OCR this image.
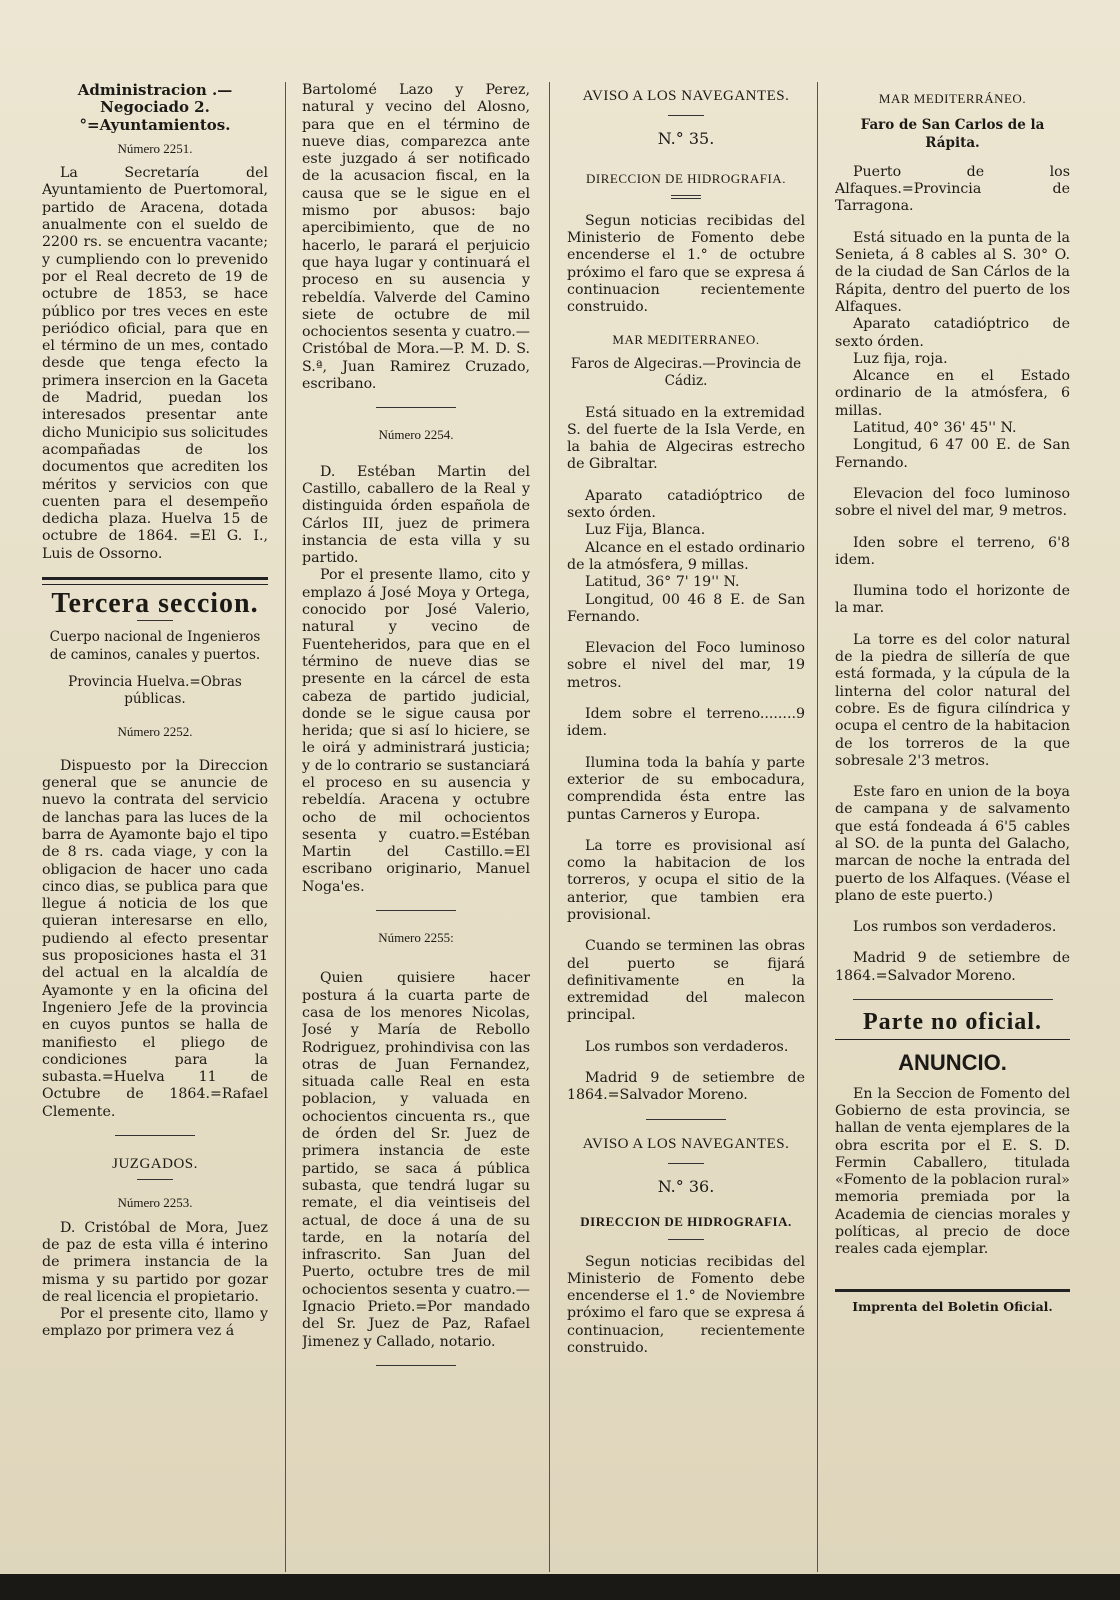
Administracion .—Negociado 2.°=Ayuntamientos.

Número 2251.

La Secretaría del Ayuntamiento de Puertomoral, partido de Aracena, dotada anualmente con el sueldo de 2200 rs. se encuentra vacante; y cumpliendo con lo prevenido por el Real decreto de 19 de octubre de 1853, se hace público por tres veces en este periódico oficial, para que en el término de un mes, contado desde que tenga efecto la primera insercion en la Gaceta de Madrid, puedan los interesados presentar ante dicho Municipio sus solicitudes acompañadas de los documentos que acrediten los méritos y servicios con que cuenten para el desempeño dedicha plaza. Huelva 15 de octubre de 1864. =El G. I., Luis de Ossorno.

Tercera seccion.

Cuerpo nacional de Ingenieros de caminos, canales y puertos.

Provincia Huelva.=Obras públicas.

Número 2252.

Dispuesto por la Direccion general que se anuncie de nuevo la contrata del servicio de lanchas para las luces de la barra de Ayamonte bajo el tipo de 8 rs. cada viage, y con la obligacion de hacer uno cada cinco dias, se publica para que llegue á noticia de los que quieran interesarse en ello, pudiendo al efecto presentar sus proposiciones hasta el 31 del actual en la alcaldía de Ayamonte y en la oficina del Ingeniero Jefe de la provincia en cuyos puntos se halla de manifiesto el pliego de condiciones para la subasta.=Huelva 11 de Octubre de 1864.=Rafael Clemente.

JUZGADOS.
Número 2253.

D. Cristóbal de Mora, Juez de paz de esta villa é interino de primera instancia de la misma y su partido por gozar de real licencia el propietario.

Por el presente cito, llamo y emplazo por primera vez á

Bartolomé Lazo y Perez, natural y vecino del Alosno, para que en el término de nueve dias, comparezca ante este juzgado á ser notificado de la acusacion fiscal, en la causa que se le sigue en el mismo por abusos: bajo apercibimiento, que de no hacerlo, le parará el perjuicio que haya lugar y continuará el proceso en su ausencia y rebeldía. Valverde del Camino siete de octubre de mil ochocientos sesenta y cuatro.—Cristóbal de Mora.—P. M. D. S. S.ª, Juan Ramirez Cruzado, escribano.

Número 2254.

D. Estéban Martin del Castillo, caballero de la Real y distinguida órden española de Cárlos III, juez de primera instancia de esta villa y su partido.

Por el presente llamo, cito y emplazo á José Moya y Ortega, conocido por José Valerio, natural y vecino de Fuenteheridos, para que en el término de nueve dias se presente en la cárcel de esta cabeza de partido judicial, donde se le sigue causa por herida; que si así lo hiciere, se le oirá y administrará justicia; y de lo contrario se sustanciará el proceso en su ausencia y rebeldía. Aracena y octubre ocho de mil ochocientos sesenta y cuatro.=Estéban Martin del Castillo.=El escribano originario, Manuel Noga'es.

Número 2255:

Quien quisiere hacer postura á la cuarta parte de casa de los menores Nicolas, José y María de Rebollo Rodriguez, prohindivisa con las otras de Juan Fernandez, situada calle Real en esta poblacion, y valuada en ochocientos cincuenta rs., que de órden del Sr. Juez de primera instancia de este partido, se saca á pública subasta, que tendrá lugar su remate, el dia veintiseis del actual, de doce á una de su tarde, en la notaría del infrascrito. San Juan del Puerto, octubre tres de mil ochocientos sesenta y cuatro.—Ignacio Prieto.=Por mandado del Sr. Juez de Paz, Rafael Jimenez y Callado, notario.

AVISO A LOS NAVEGANTES.
N.° 35.
DIRECCION DE HIDROGRAFIA.

Segun noticias recibidas del Ministerio de Fomento debe encenderse el 1.° de octubre próximo el faro que se expresa á continuacion recientemente construido.

MAR MEDITERRANEO.

Faros de Algeciras.—Provincia de Cádiz.

Está situado en la extremidad S. del fuerte de la Isla Verde, en la bahia de Algeciras estrecho de Gibraltar.

Aparato catadióptrico de sexto órden.

Luz Fija, Blanca.

Alcance en el estado ordinario de la atmósfera, 9 millas.

Latitud, 36° 7' 19'' N.

Longitud, 00 46 8 E. de San Fernando.

Elevacion del Foco luminoso sobre el nivel del mar, 19 metros.

Idem sobre el terreno........9 idem.

Ilumina toda la bahía y parte exterior de su embocadura, comprendida ésta entre las puntas Carneros y Europa.

La torre es provisional así como la habitacion de los torreros, y ocupa el sitio de la anterior, que tambien era provisional.

Cuando se terminen las obras del puerto se fijará definitivamente en la extremidad del malecon principal.

Los rumbos son verdaderos.

Madrid 9 de setiembre de 1864.=Salvador Moreno.

AVISO A LOS NAVEGANTES.
N.° 36.
DIRECCION DE HIDROGRAFIA.

Segun noticias recibidas del Ministerio de Fomento debe encenderse el 1.° de Noviembre próximo el faro que se expresa á continuacion, recientemente construido.

MAR MEDITERRÁNEO.

Faro de San Carlos de la Rápita.

Puerto de los Alfaques.=Provincia de Tarragona.

Está situado en la punta de la Senieta, á 8 cables al S. 30° O. de la ciudad de San Cárlos de la Rápita, dentro del puerto de los Alfaques.

Aparato catadióptrico de sexto órden.

Luz fija, roja.

Alcance en el Estado ordinario de la atmósfera, 6 millas.

Latitud, 40° 36' 45'' N.

Longitud, 6 47 00 E. de San Fernando.

Elevacion del foco luminoso sobre el nivel del mar, 9 metros.

Iden sobre el terreno, 6'8 idem.

Ilumina todo el horizonte de la mar.

La torre es del color natural de la piedra de sillería de que está formada, y la cúpula de la linterna del color natural del cobre. Es de figura cilíndrica y ocupa el centro de la habitacion de los torreros de la que sobresale 2'3 metros.

Este faro en union de la boya de campana y de salvamento que está fondeada á 6'5 cables al SO. de la punta del Galacho, marcan de noche la entrada del puerto de los Alfaques. (Véase el plano de este puerto.)

Los rumbos son verdaderos.

Madrid 9 de setiembre de 1864.=Salvador Moreno.

Parte no oficial.
ANUNCIO.

En la Seccion de Fomento del Gobierno de esta provincia, se hallan de venta ejemplares de la obra escrita por el E. S. D. Fermin Caballero, titulada «Fomento de la poblacion rural» memoria premiada por la Academia de ciencias morales y políticas, al precio de doce reales cada ejemplar.

Imprenta del Boletin Oficial.
